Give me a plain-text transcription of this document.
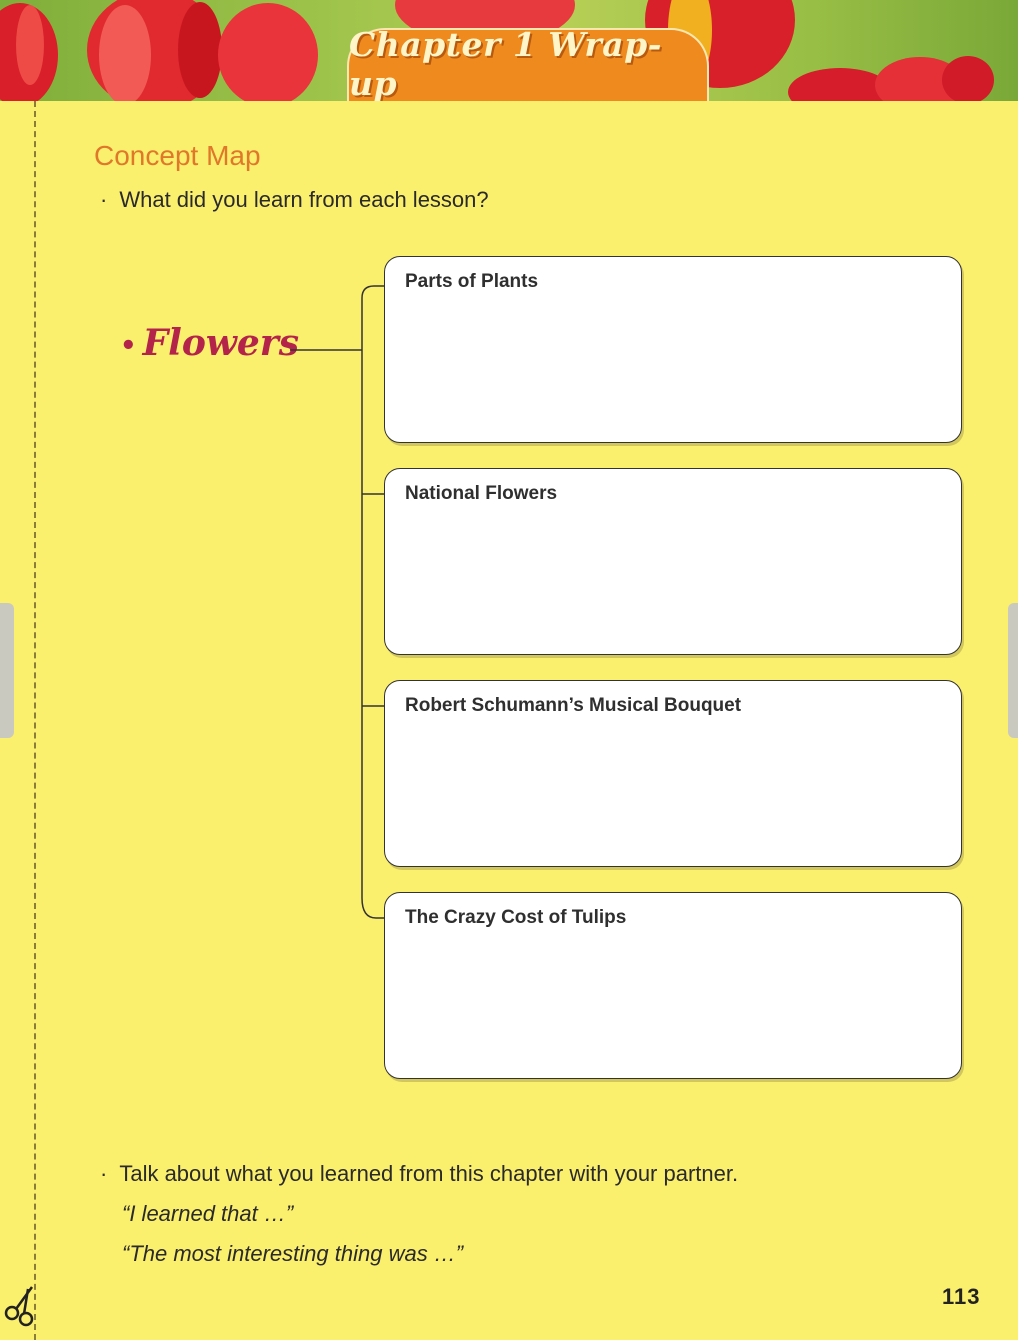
Chapter 1 Wrap-up
Concept Map
· What did you learn from each lesson?
• Flowers
Parts of Plants
National Flowers
Robert Schumann’s Musical Bouquet
The Crazy Cost of Tulips
· Talk about what you learned from this chapter with your partner.
“I learned that …”
“The most interesting thing was …”
113
